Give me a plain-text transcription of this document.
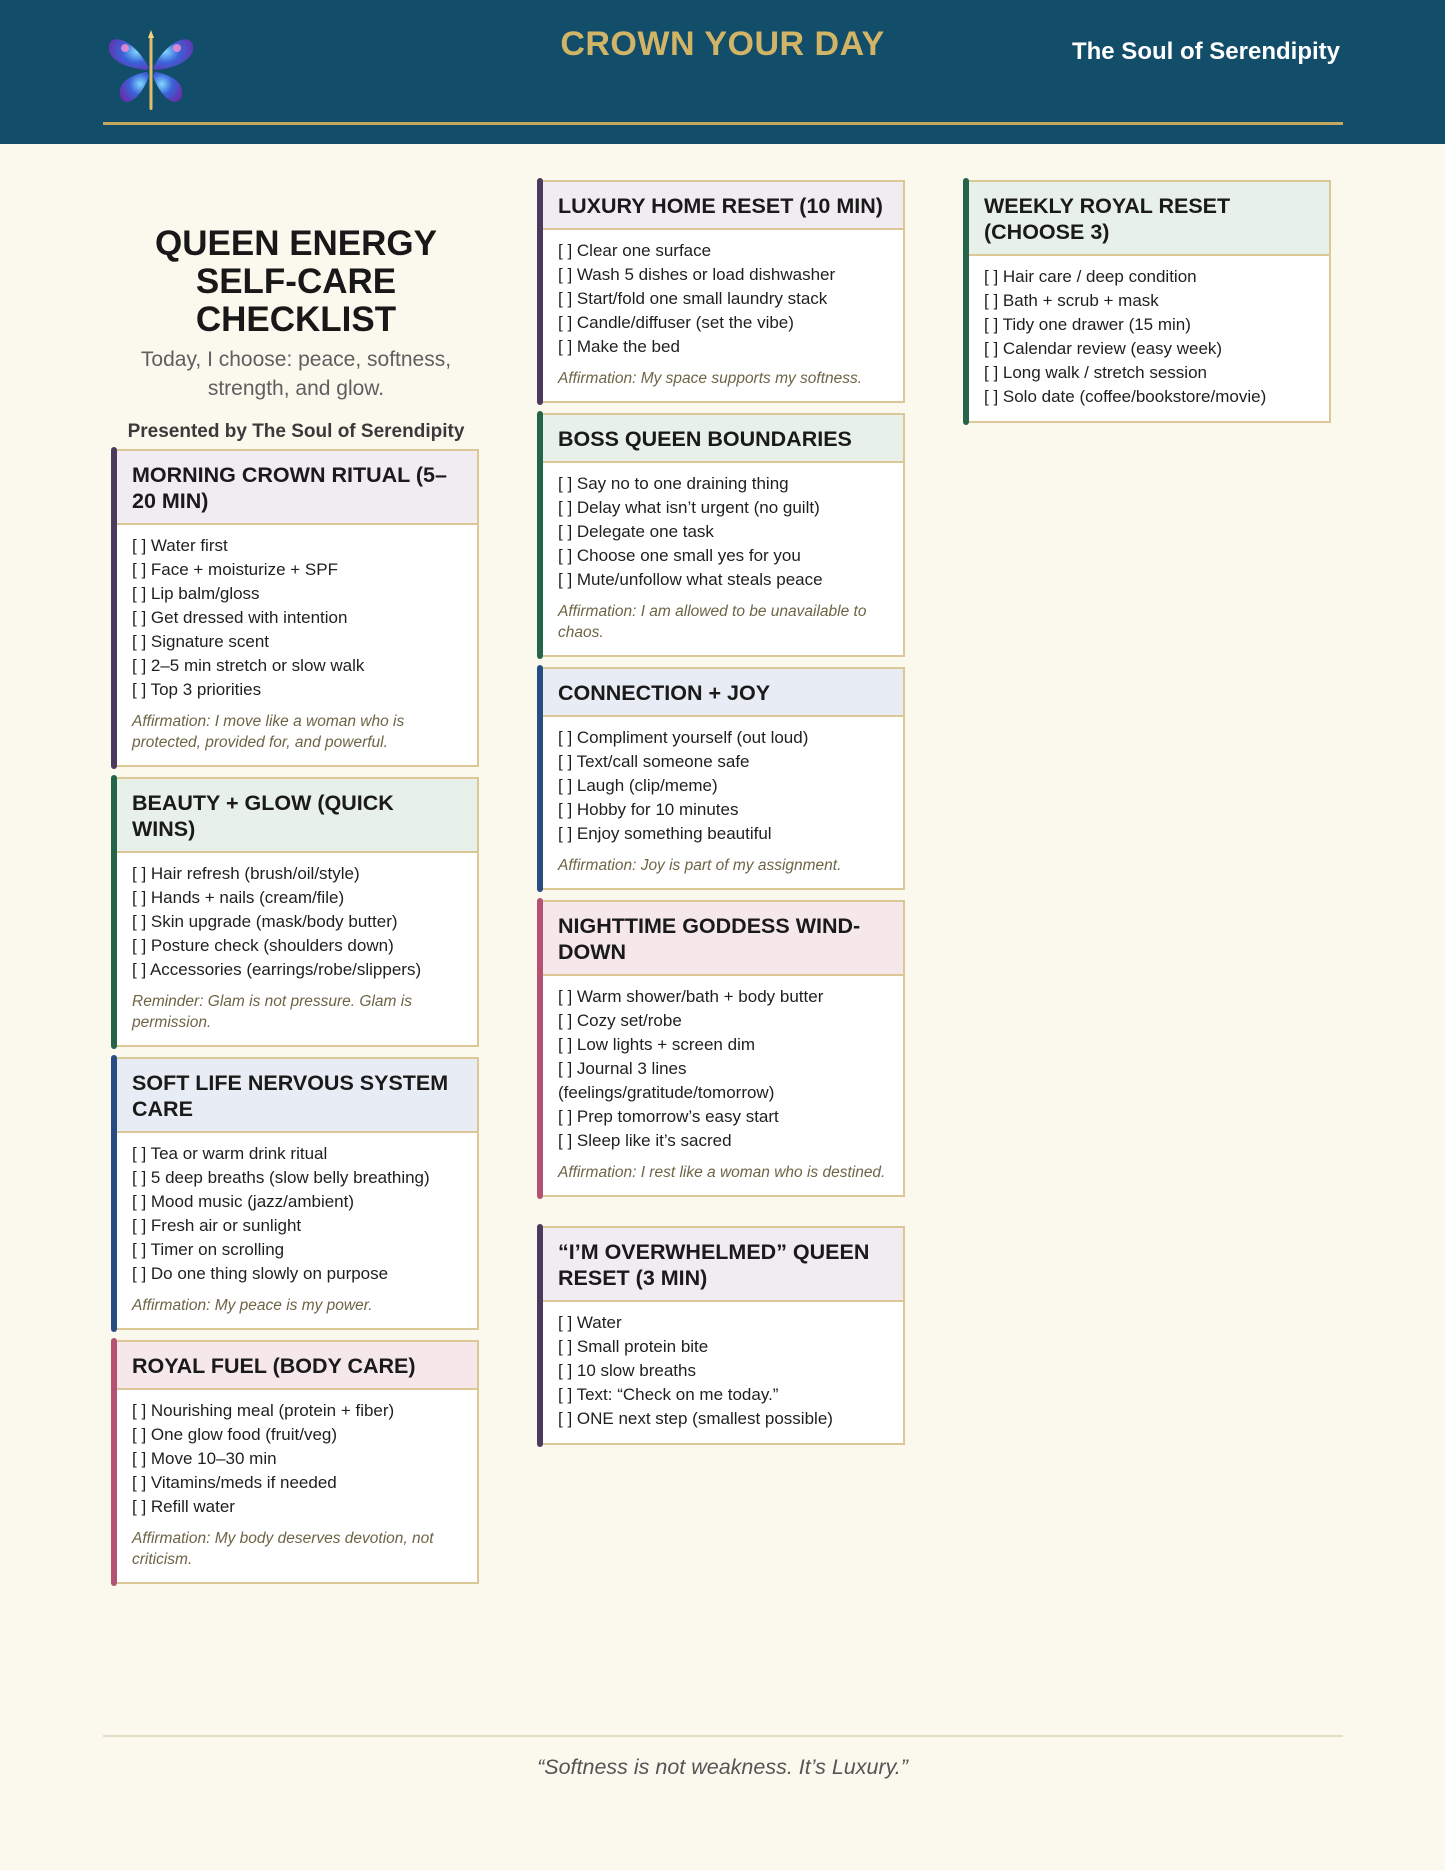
CROWN YOUR DAY	The Soul of Serendipity
QUEEN ENERGY SELF-CARE CHECKLIST
Today, I choose: peace, softness, strength, and glow.
Presented by The Soul of Serendipity
MORNING CROWN RITUAL (5–20 MIN)
[ ] Water first
[ ] Face + moisturize + SPF
[ ] Lip balm/gloss
[ ] Get dressed with intention
[ ] Signature scent
[ ] 2–5 min stretch or slow walk
[ ] Top 3 priorities
Affirmation: I move like a woman who is protected, provided for, and powerful.
BEAUTY + GLOW (QUICK WINS)
[ ] Hair refresh (brush/oil/style)
[ ] Hands + nails (cream/file)
[ ] Skin upgrade (mask/body butter)
[ ] Posture check (shoulders down)
[ ] Accessories (earrings/robe/slippers)
Reminder: Glam is not pressure. Glam is permission.
SOFT LIFE NERVOUS SYSTEM CARE
[ ] Tea or warm drink ritual
[ ] 5 deep breaths (slow belly breathing)
[ ] Mood music (jazz/ambient)
[ ] Fresh air or sunlight
[ ] Timer on scrolling
[ ] Do one thing slowly on purpose
Affirmation: My peace is my power.
ROYAL FUEL (BODY CARE)
[ ] Nourishing meal (protein + fiber)
[ ] One glow food (fruit/veg)
[ ] Move 10–30 min
[ ] Vitamins/meds if needed
[ ] Refill water
Affirmation: My body deserves devotion, not criticism.
LUXURY HOME RESET (10 MIN)
[ ] Clear one surface
[ ] Wash 5 dishes or load dishwasher
[ ] Start/fold one small laundry stack
[ ] Candle/diffuser (set the vibe)
[ ] Make the bed
Affirmation: My space supports my softness.
BOSS QUEEN BOUNDARIES
[ ] Say no to one draining thing
[ ] Delay what isn’t urgent (no guilt)
[ ] Delegate one task
[ ] Choose one small yes for you
[ ] Mute/unfollow what steals peace
Affirmation: I am allowed to be unavailable to chaos.
CONNECTION + JOY
[ ] Compliment yourself (out loud)
[ ] Text/call someone safe
[ ] Laugh (clip/meme)
[ ] Hobby for 10 minutes
[ ] Enjoy something beautiful
Affirmation: Joy is part of my assignment.
NIGHTTIME GODDESS WIND-DOWN
[ ] Warm shower/bath + body butter
[ ] Cozy set/robe
[ ] Low lights + screen dim
[ ] Journal 3 lines (feelings/gratitude/tomorrow)
[ ] Prep tomorrow’s easy start
[ ] Sleep like it’s sacred
Affirmation: I rest like a woman who is destined.
“I’M OVERWHELMED” QUEEN RESET (3 MIN)
[ ] Water
[ ] Small protein bite
[ ] 10 slow breaths
[ ] Text: “Check on me today.”
[ ] ONE next step (smallest possible)
WEEKLY ROYAL RESET (CHOOSE 3)
[ ] Hair care / deep condition
[ ] Bath + scrub + mask
[ ] Tidy one drawer (15 min)
[ ] Calendar review (easy week)
[ ] Long walk / stretch session
[ ] Solo date (coffee/bookstore/movie)
“Softness is not weakness. It’s Luxury.”
